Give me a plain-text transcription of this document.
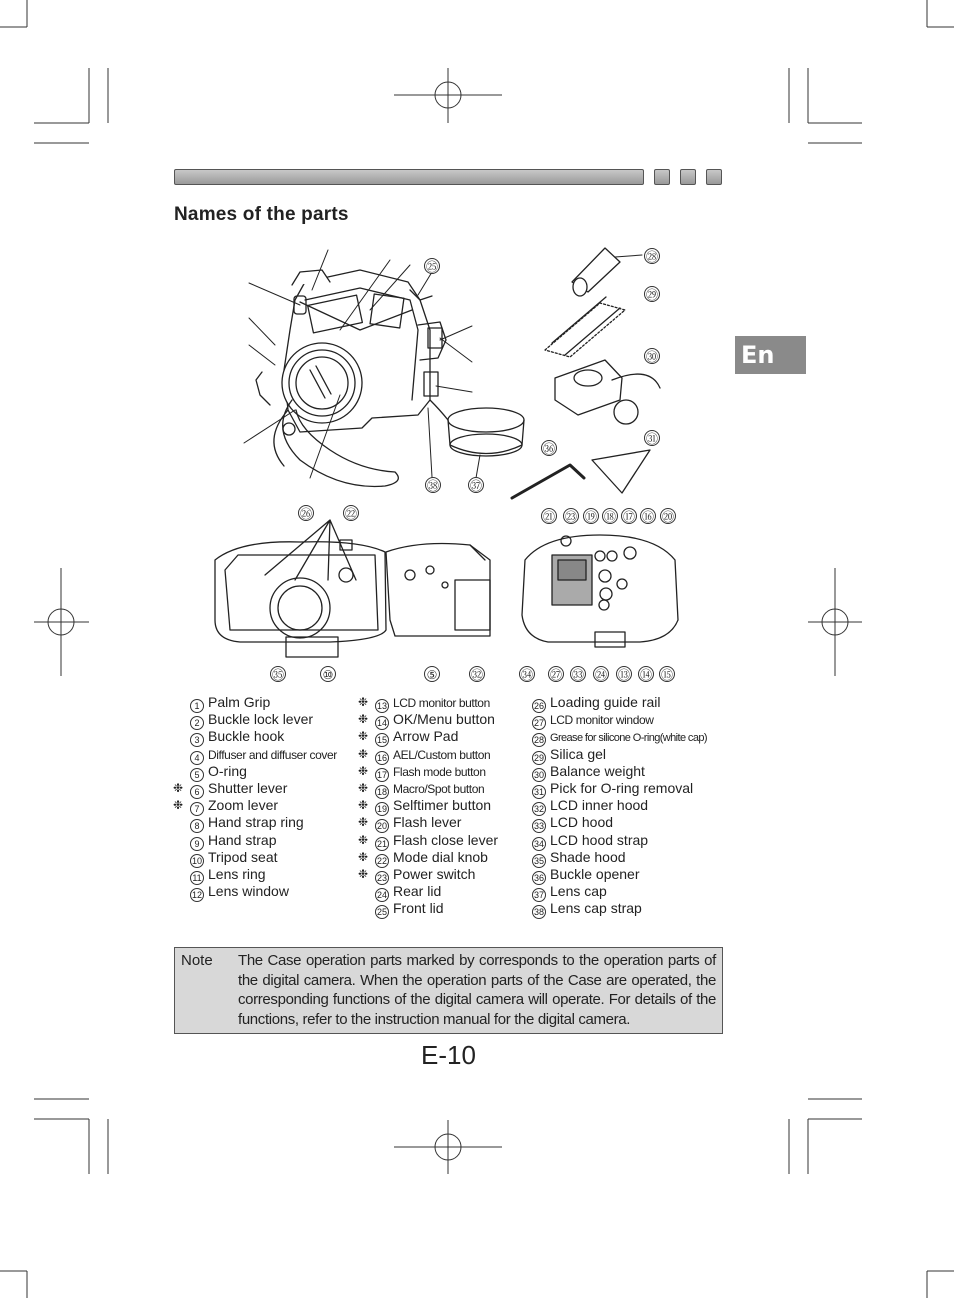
Names of the parts
En
㉕
㉘
㉙
㉚
㉛
㊱
㊳	㊲
㉖	㉒	㉑ ㉓ ⑲ ⑱ ⑰ ⑯ ⑳
㉟	⑩	⑤	㉜	㉞ ㉗ ㉝ ㉔ ⑬ ⑭ ⑮
1 Palm Grip
2 Buckle lock lever
3 Buckle hook
4 Diffuser and diffuser cover
5 O-ring
❉ 6 Shutter lever
❉ 7 Zoom lever
8 Hand strap ring
9 Hand strap
10 Tripod seat
11 Lens ring
12 Lens window
❉ 13 LCD monitor button
❉ 14 OK/Menu button
❉ 15 Arrow Pad
❉ 16 AEL/Custom button
❉ 17 Flash mode button
❉ 18 Macro/Spot button
❉ 19 Selftimer button
❉ 20 Flash lever
❉ 21 Flash close lever
❉ 22 Mode dial knob
❉ 23 Power switch
24 Rear lid
25 Front lid
26 Loading guide rail
27 LCD monitor window
28 Grease for silicone O-ring(white cap)
29 Silica gel
30 Balance weight
31 Pick for O-ring removal
32 LCD inner hood
33 LCD hood
34 LCD hood strap
35 Shade hood
36 Buckle opener
37 Lens cap
38 Lens cap strap
Note The Case operation parts marked by corresponds to the operation parts of the digital camera. When the operation parts of the Case are operated, the corresponding functions of the digital camera will operate. For details of the functions, refer to the instruction manual for the digital camera.
E-10
